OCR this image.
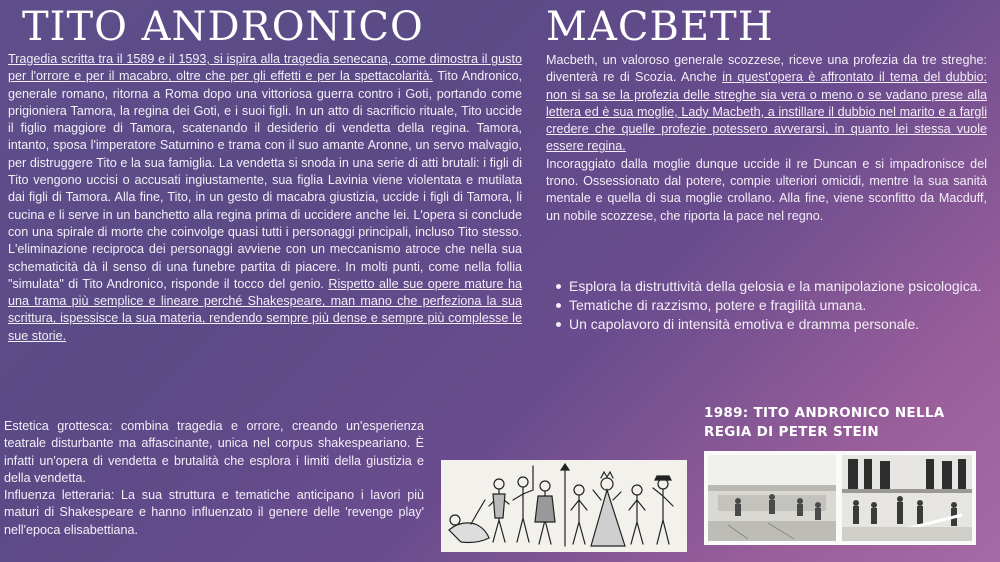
TITO ANDRONICO	MACBETH
Tragedia scritta tra il 1589 e il 1593, si ispira alla tragedia senecana, come dimostra il gusto per l'orrore e per il macabro, oltre che per gli effetti e per la spettacolarità. Tito Andronico, generale romano, ritorna a Roma dopo una vittoriosa guerra contro i Goti, portando come prigioniera Tamora, la regina dei Goti, e i suoi figli. In un atto di sacrificio rituale, Tito uccide il figlio maggiore di Tamora, scatenando il desiderio di vendetta della regina. Tamora, intanto, sposa l'imperatore Saturnino e trama con il suo amante Aronne, un servo malvagio, per distruggere Tito e la sua famiglia. La vendetta si snoda in una serie di atti brutali: i figli di Tito vengono uccisi o accusati ingiustamente, sua figlia Lavinia viene violentata e mutilata dai figli di Tamora. Alla fine, Tito, in un gesto di macabra giustizia, uccide i figli di Tamora, li cucina e li serve in un banchetto alla regina prima di uccidere anche lei. L'opera si conclude con una spirale di morte che coinvolge quasi tutti i personaggi principali, incluso Tito stesso. L'eliminazione reciproca dei personaggi avviene con un meccanismo atroce che nella sua schematicità dà il senso di una funebre partita di piacere. In molti punti, come nella follia "simulata" di Tito Andronico, risponde il tocco del genio. Rispetto alle sue opere mature ha una trama più semplice e lineare perché Shakespeare, man mano che perfeziona la sua scrittura, ispessisce la sua materia, rendendo sempre più dense e sempre più complesse le sue storie.
Macbeth, un valoroso generale scozzese, riceve una profezia da tre streghe: diventerà re di Scozia. Anche in quest'opera è affrontato il tema del dubbio: non si sa se la profezia delle streghe sia vera o meno o se vadano prese alla lettera ed è sua moglie, Lady Macbeth, a instillare il dubbio nel marito e a fargli credere che quelle profezie potessero avverarsi, in quanto lei stessa vuole essere regina.
Incoraggiato dalla moglie dunque uccide il re Duncan e si impadronisce del trono. Ossessionato dal potere, compie ulteriori omicidi, mentre la sua sanità mentale e quella di sua moglie crollano. Alla fine, viene sconfitto da Macduff, un nobile scozzese, che riporta la pace nel regno.
Esplora la distruttività della gelosia e la manipolazione psicologica.
Tematiche di razzismo, potere e fragilità umana.
Un capolavoro di intensità emotiva e dramma personale.

Estetica grottesca: combina tragedia e orrore, creando un'esperienza teatrale disturbante ma affascinante, unica nel corpus shakespeariano. È infatti un'opera di vendetta e brutalità che esplora i limiti della giustizia e della vendetta.

Influenza letteraria: La sua struttura e tematiche anticipano i lavori più maturi di Shakespeare e hanno influenzato il genere delle 'revenge play' nell'epoca elisabettiana.

1989: TITO ANDRONICO NELLA REGIA DI PETER STEIN
